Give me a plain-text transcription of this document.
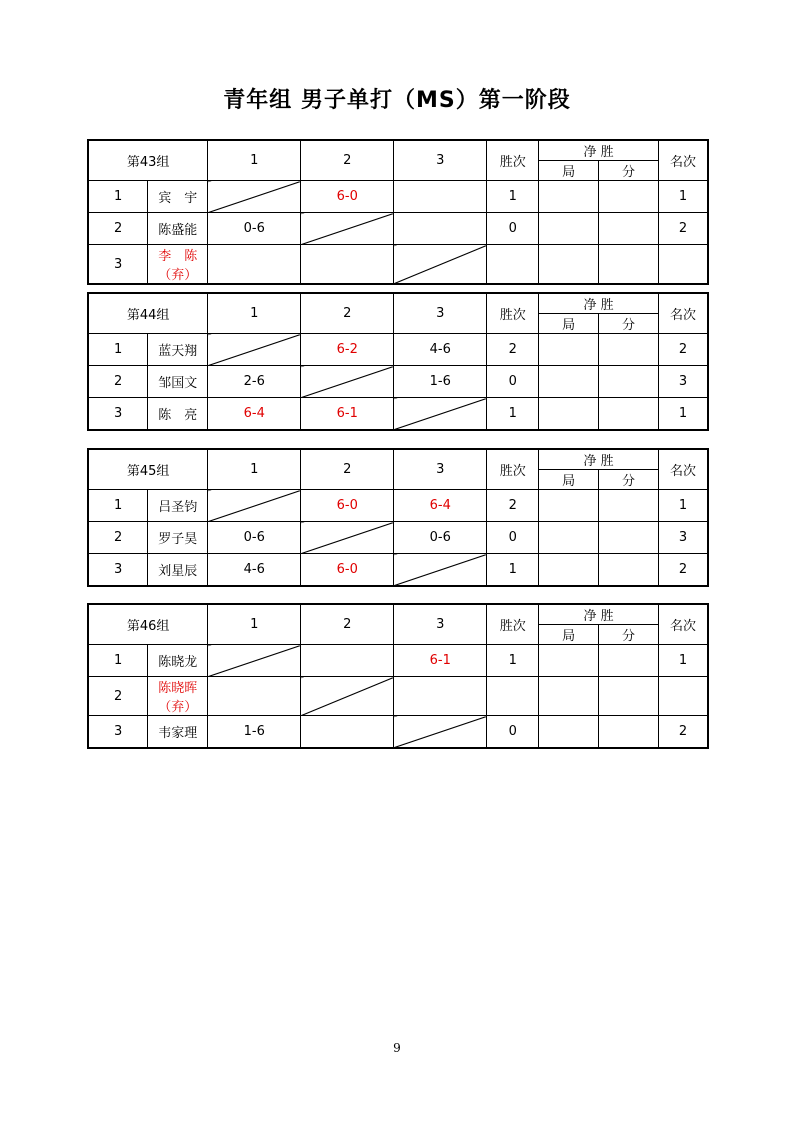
青年组 男子单打（MS）第一阶段
第43组		1	2	3	胜次	净 胜
局 分		名次
1	宾　宇		6-0		1			1
2	陈盛能	0-6			0			2
3	李　陈（弃）							
第44组		1	2	3	胜次	净 胜
局 分		名次
1	蓝天翔		6-2	4-6	2			2
2	邹国文	2-6		1-6	0			3
3	陈　亮	6-4	6-1		1			1
第45组		1	2	3	胜次	净 胜
局 分		名次
1	吕圣钧		6-0	6-4	2			1
2	罗子昊	0-6		0-6	0			3
3	刘星辰	4-6	6-0		1			2
第46组		1	2	3	胜次	净 胜
局 分		名次
1	陈晓龙			6-1	1			1
2	陈晓晖（弃）							
3	韦家理	1-6			0			2
9
